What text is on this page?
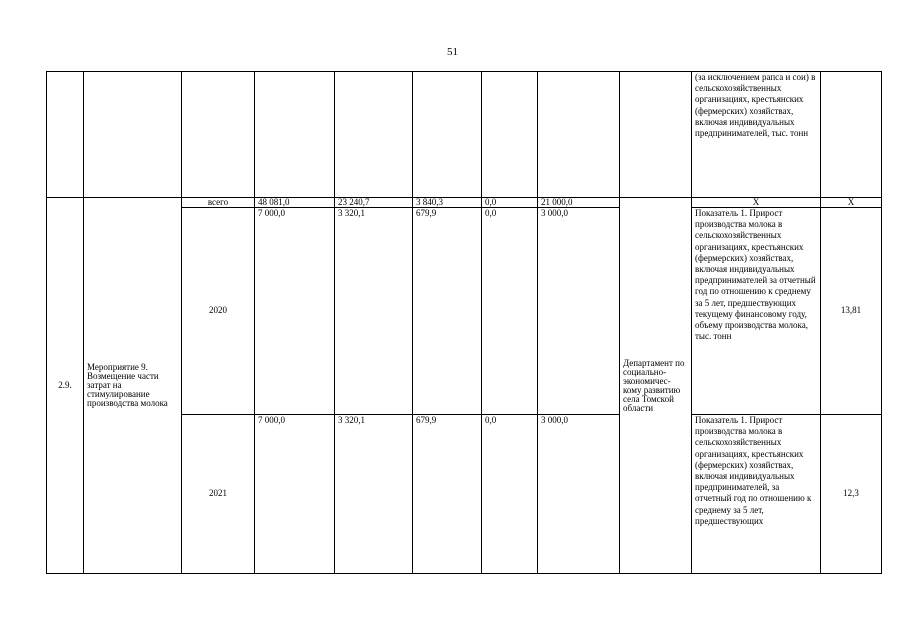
51
									(за исключением рапса и сои) в сельскохозяйственных организациях, крестьянских (фермерских) хозяйствах, включая индивидуальных предпринимателей, тыс. тонн	
2.9.	Мероприятие 9. Возмещение части затрат на стимулирование производства молока	всего	48 081,0	23 240,7	3 840,3	0,0	21 000,0	Департамент по социально-экономичес-кому развитию села Томской области	Х	Х
		2020	7 000,0	3 320,1	679,9	0,0	3 000,0		Показатель 1. Прирост производства молока в сельскохозяйственных организациях, крестьянских (фермерских) хозяйствах, включая индивидуальных предпринимателей за отчетный год по отношению к среднему за 5 лет, предшествующих текущему финансовому году, объему производства молока, тыс. тонн	13,81
		2021	7 000,0	3 320,1	679,9	0,0	3 000,0		Показатель 1. Прирост производства молока в сельскохозяйственных организациях, крестьянских (фермерских) хозяйствах, включая индивидуальных предпринимателей, за отчетный год по отношению к среднему за 5 лет, предшествующих	12,3
